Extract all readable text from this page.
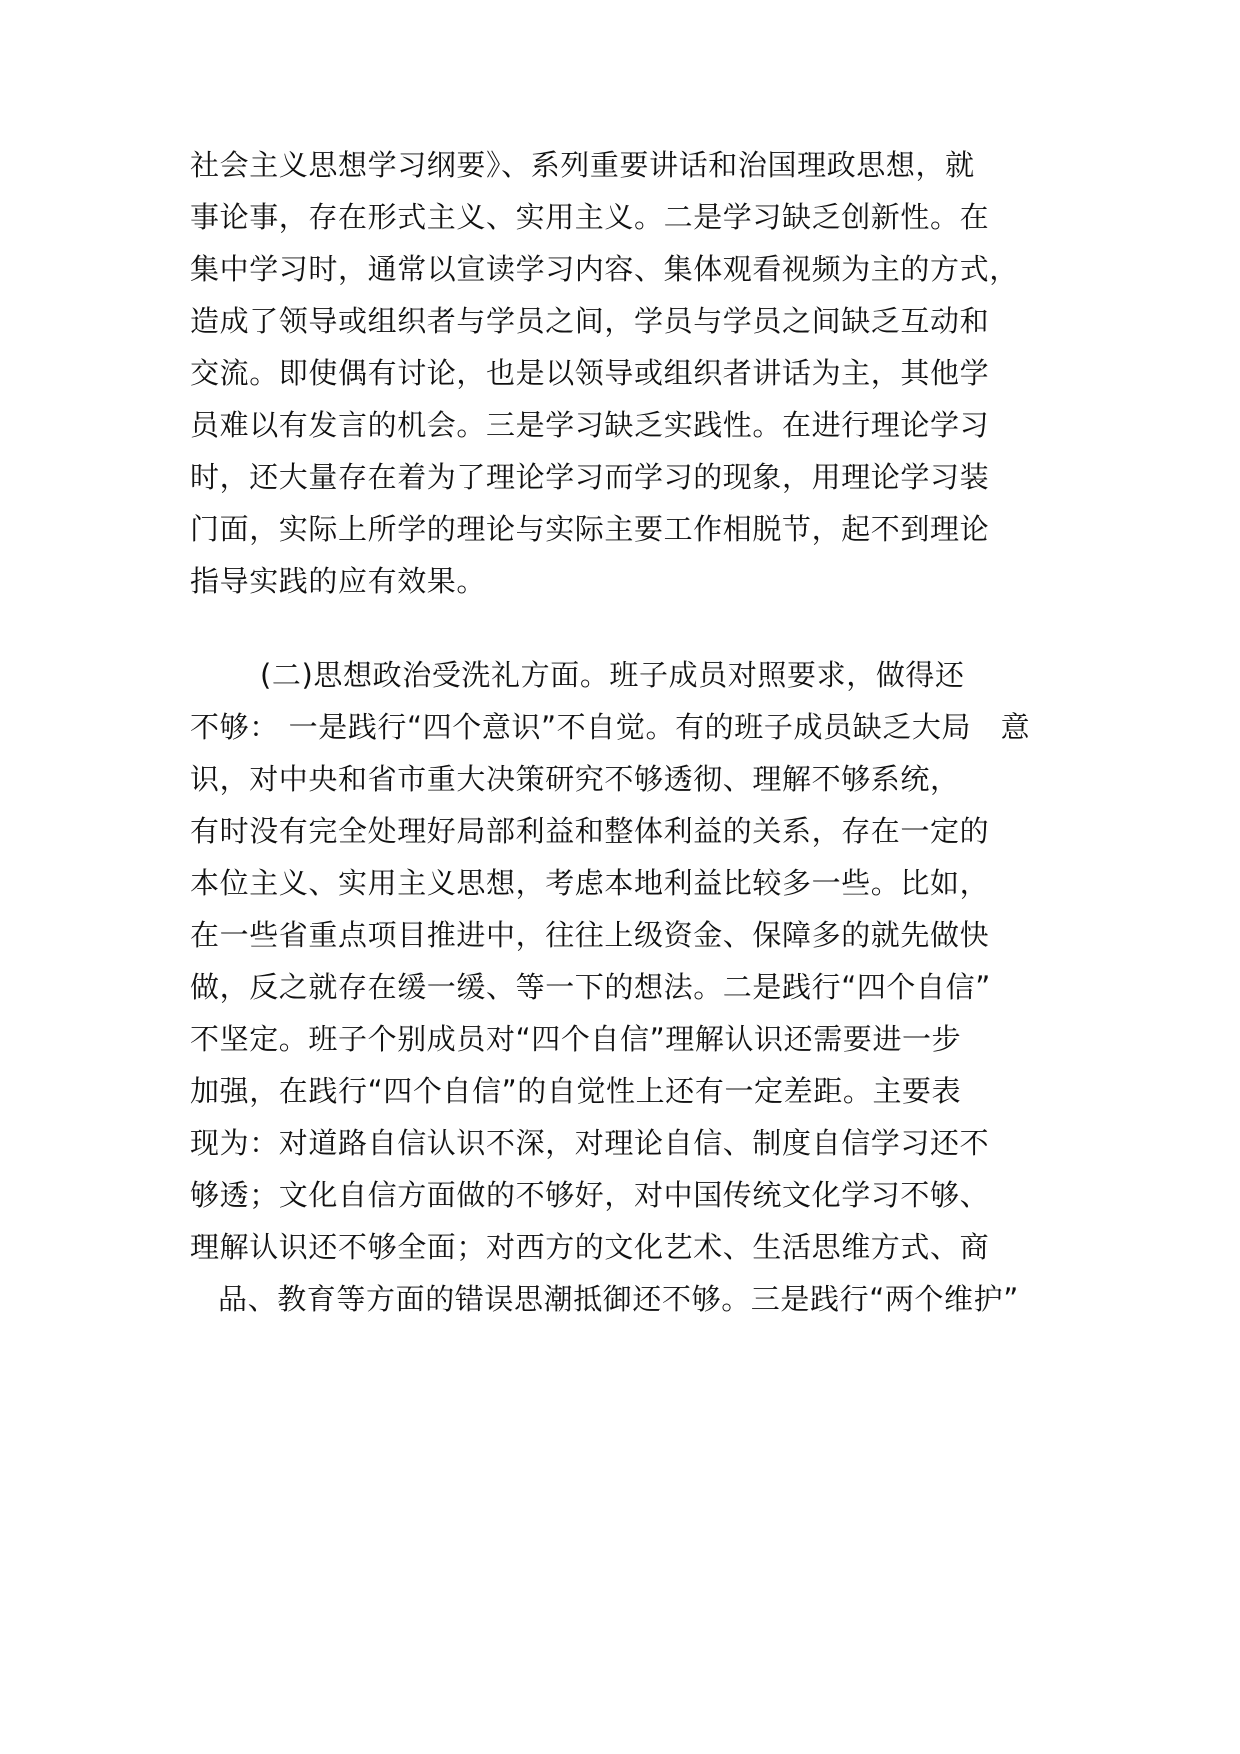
社会主义思想学习纲要》、系列重要讲话和治国理政思想，就
事论事，存在形式主义、实用主义。二是学习缺乏创新性。在
集中学习时，通常以宣读学习内容、集体观看视频为主的方式，
造成了领导或组织者与学员之间，学员与学员之间缺乏互动和
交流。即使偶有讨论，也是以领导或组织者讲话为主，其他学
员难以有发言的机会。三是学习缺乏实践性。在进行理论学习
时，还大量存在着为了理论学习而学习的现象，用理论学习装
门面，实际上所学的理论与实际主要工作相脱节，起不到理论
指导实践的应有效果。
(二)思想政治受洗礼方面。班子成员对照要求，做得还
不够： 一是践行“四个意识”不自觉。有的班子成员缺乏大局　意
识，对中央和省市重大决策研究不够透彻、理解不够系统，
有时没有完全处理好局部利益和整体利益的关系，存在一定的
本位主义、实用主义思想，考虑本地利益比较多一些。比如，
在一些省重点项目推进中，往往上级资金、保障多的就先做快
做，反之就存在缓一缓、等一下的想法。二是践行“四个自信”
不坚定。班子个别成员对“四个自信”理解认识还需要进一步
加强，在践行“四个自信”的自觉性上还有一定差距。主要表
现为：对道路自信认识不深，对理论自信、制度自信学习还不
够透；文化自信方面做的不够好，对中国传统文化学习不够、
理解认识还不够全面；对西方的文化艺术、生活思维方式、商
品、教育等方面的错误思潮抵御还不够。三是践行“两个维护”
